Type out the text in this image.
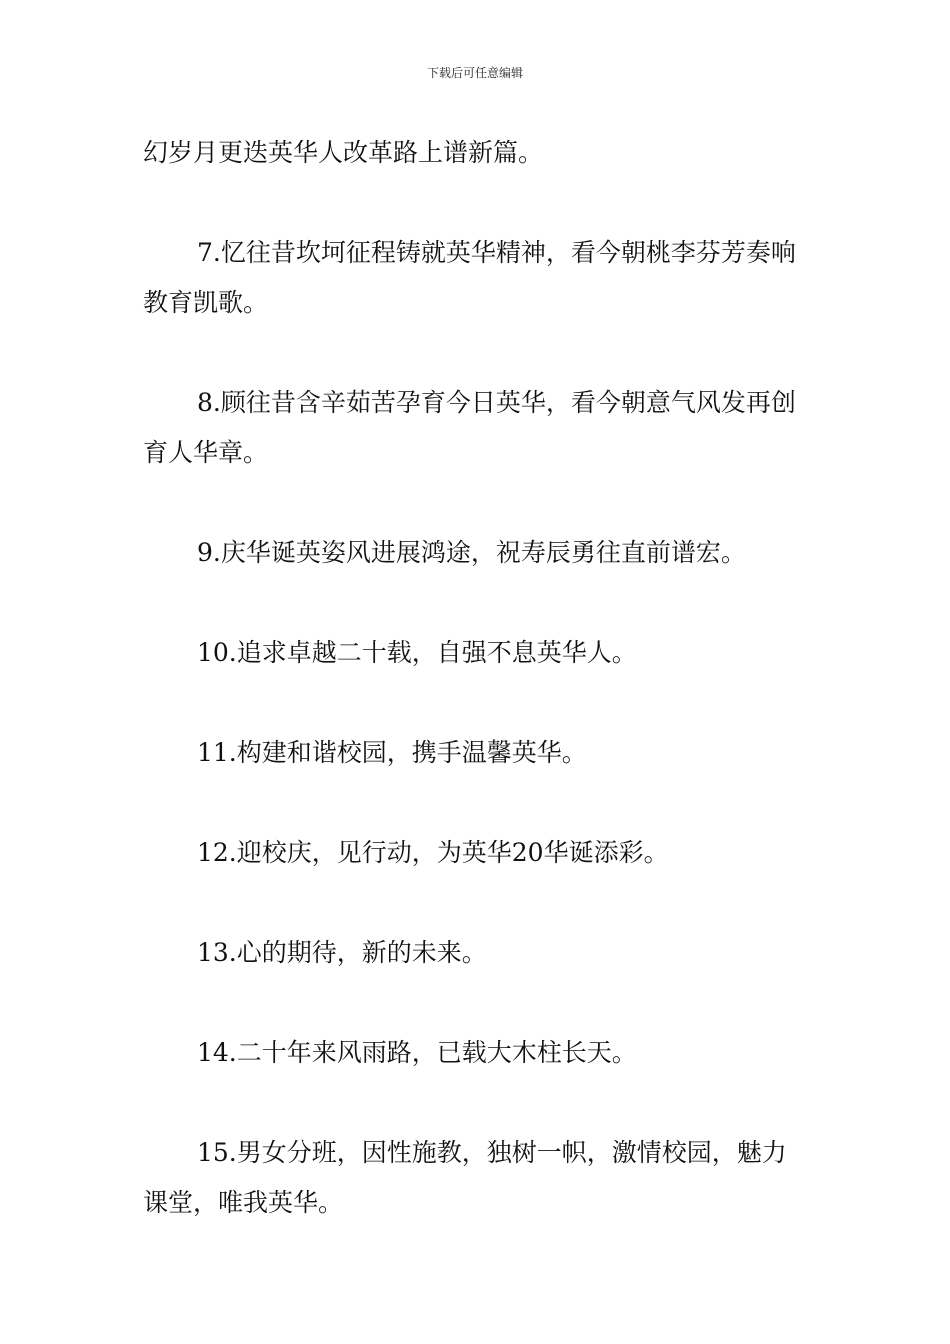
下载后可任意编辑

幻岁月更迭英华人改革路上谱新篇。

7.忆往昔坎坷征程铸就英华精神，看今朝桃李芬芳奏响教育凯歌。

8.顾往昔含辛茹苦孕育今日英华，看今朝意气风发再创育人华章。

9.庆华诞英姿风进展鸿途，祝寿辰勇往直前谱宏。

10.追求卓越二十载，自强不息英华人。

11.构建和谐校园，携手温馨英华。

12.迎校庆，见行动，为英华20华诞添彩。

13.心的期待，新的未来。

14.二十年来风雨路，已载大木柱长天。

15.男女分班，因性施教，独树一帜，激情校园，魅力课堂，唯我英华。
